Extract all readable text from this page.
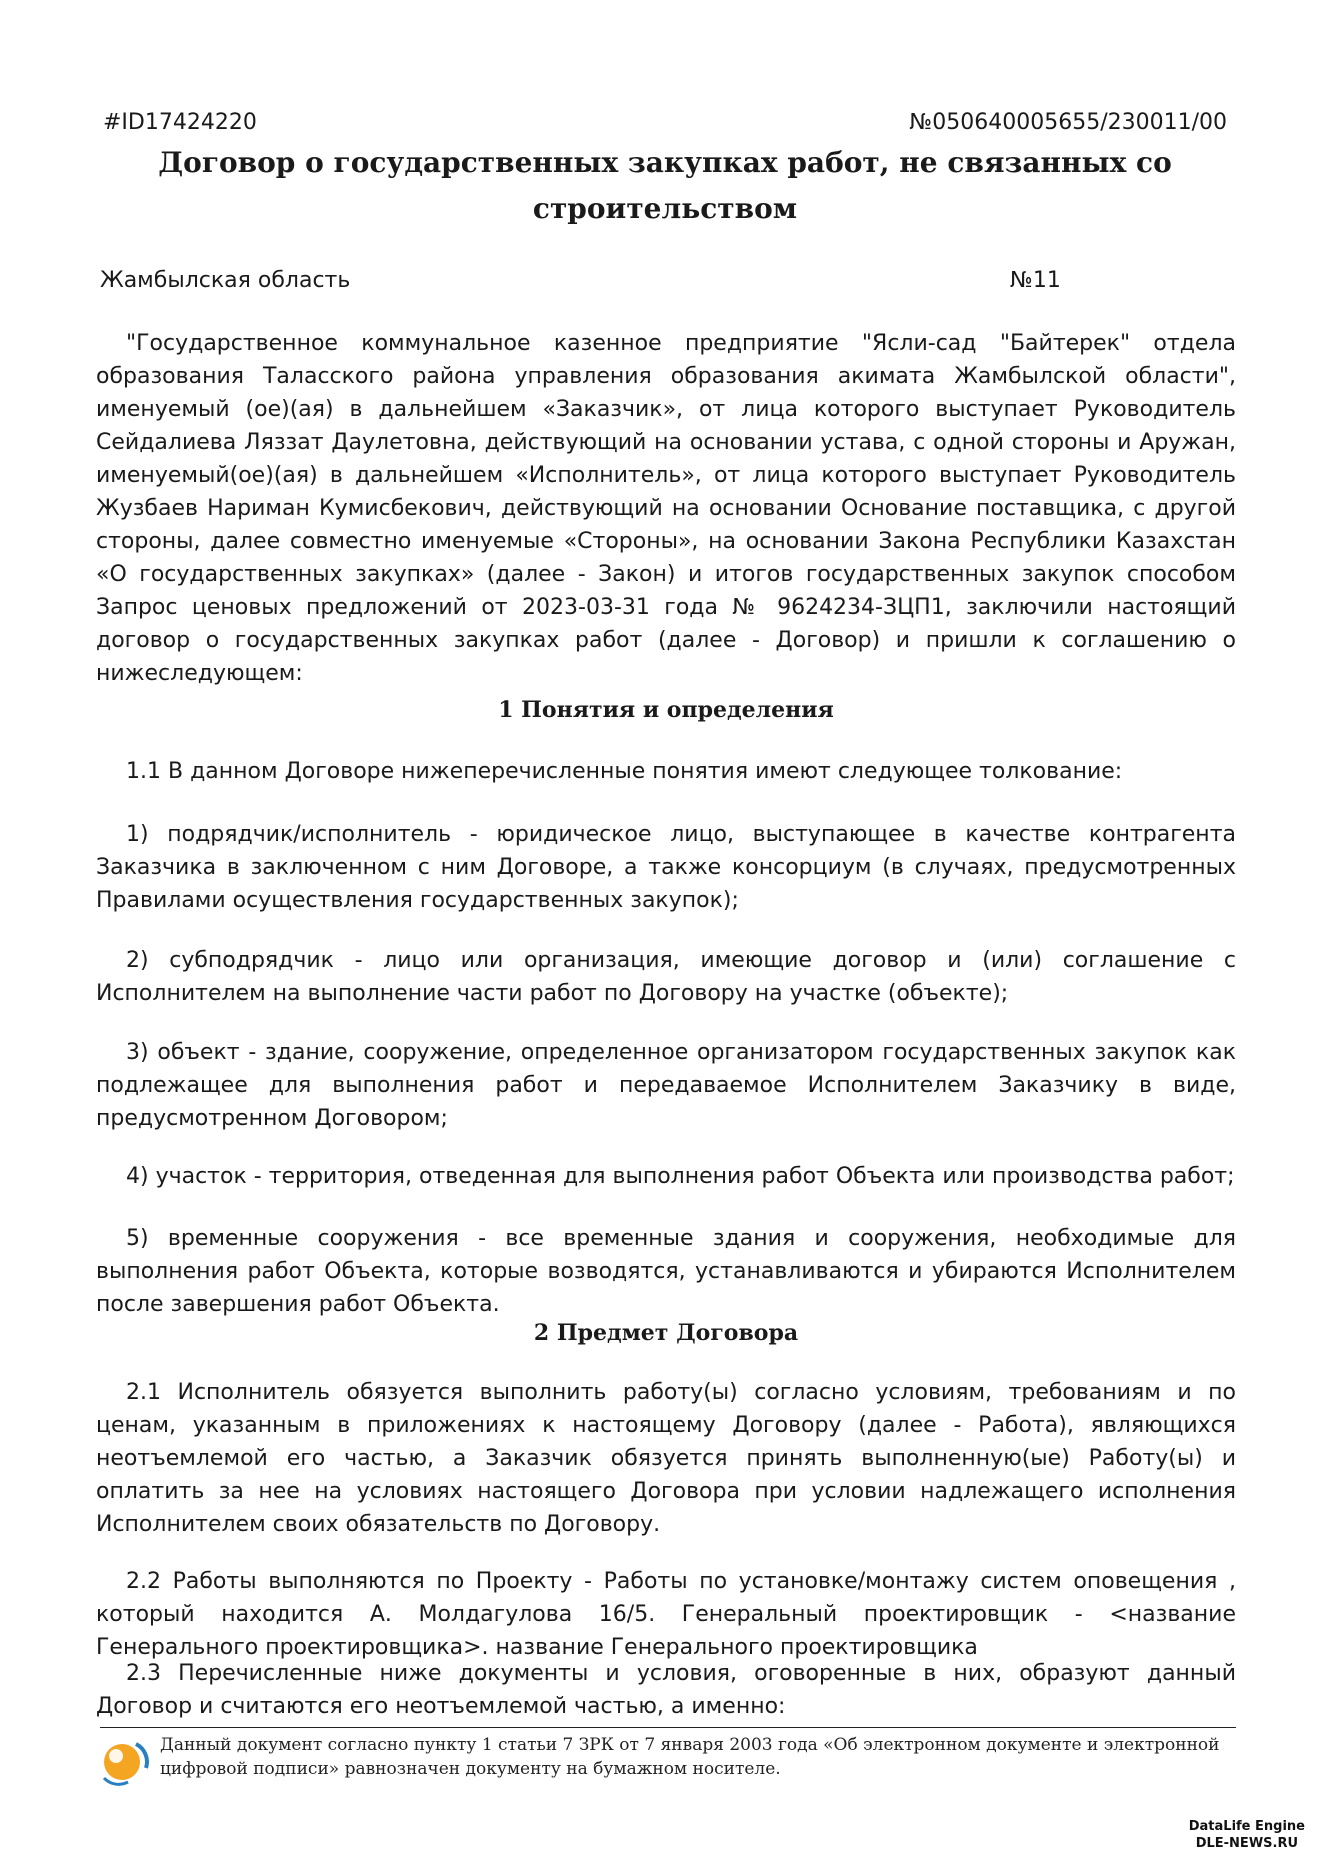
#ID17424220	№050640005655/230011/00
Договор о государственных закупках работ, не связанных со строительством
Жамбылская область	№11

"Государственное коммунальное казенное предприятие "Ясли-сад "Байтерек" отдела образования Таласского района управления образования акимата Жамбылской области", именуемый (ое)(ая) в дальнейшем «Заказчик», от лица которого выступает Руководитель Сейдалиева Ляззат Даулетовна, действующий на основании устава, с одной стороны и Аружан, именуемый(ое)(ая) в дальнейшем «Исполнитель», от лица которого выступает Руководитель Жузбаев Нариман Кумисбекович, действующий на основании Основание поставщика, с другой стороны, далее совместно именуемые «Стороны», на основании Закона Республики Казахстан «О государственных закупках» (далее - Закон) и итогов государственных закупок способом Запрос ценовых предложений от 2023-03-31 года № 9624234-ЗЦП1, заключили настоящий договор о государственных закупках работ (далее - Договор) и пришли к соглашению о нижеследующем:

1 Понятия и определения

1.1 В данном Договоре нижеперечисленные понятия имеют следующее толкование:

1) подрядчик/исполнитель - юридическое лицо, выступающее в качестве контрагента Заказчика в заключенном с ним Договоре, а также консорциум (в случаях, предусмотренных Правилами осуществления государственных закупок);

2) субподрядчик - лицо или организация, имеющие договор и (или) соглашение с Исполнителем на выполнение части работ по Договору на участке (объекте);

3) объект - здание, сооружение, определенное организатором государственных закупок как подлежащее для выполнения работ и передаваемое Исполнителем Заказчику в виде, предусмотренном Договором;

4) участок - территория, отведенная для выполнения работ Объекта или производства работ;

5) временные сооружения - все временные здания и сооружения, необходимые для выполнения работ Объекта, которые возводятся, устанавливаются и убираются Исполнителем после завершения работ Объекта.

2 Предмет Договора

2.1 Исполнитель обязуется выполнить работу(ы) согласно условиям, требованиям и по ценам, указанным в приложениях к настоящему Договору (далее - Работа), являющихся неотъемлемой его частью, а Заказчик обязуется принять выполненную(ые) Работу(ы) и оплатить за нее на условиях настоящего Договора при условии надлежащего исполнения Исполнителем своих обязательств по Договору.

2.2 Работы выполняются по Проекту - Работы по установке/монтажу систем оповещения , который находится А. Молдагулова 16/5. Генеральный проектировщик - <название Генерального проектировщика>. название Генерального проектировщика

2.3 Перечисленные ниже документы и условия, оговоренные в них, образуют данный Договор и считаются его неотъемлемой частью, а именно:

Данный документ согласно пункту 1 статьи 7 ЗРК от 7 января 2003 года «Об электронном документе и электронной цифровой подписи» равнозначен документу на бумажном носителе.
DataLife Engine
DLE-NEWS.RU
